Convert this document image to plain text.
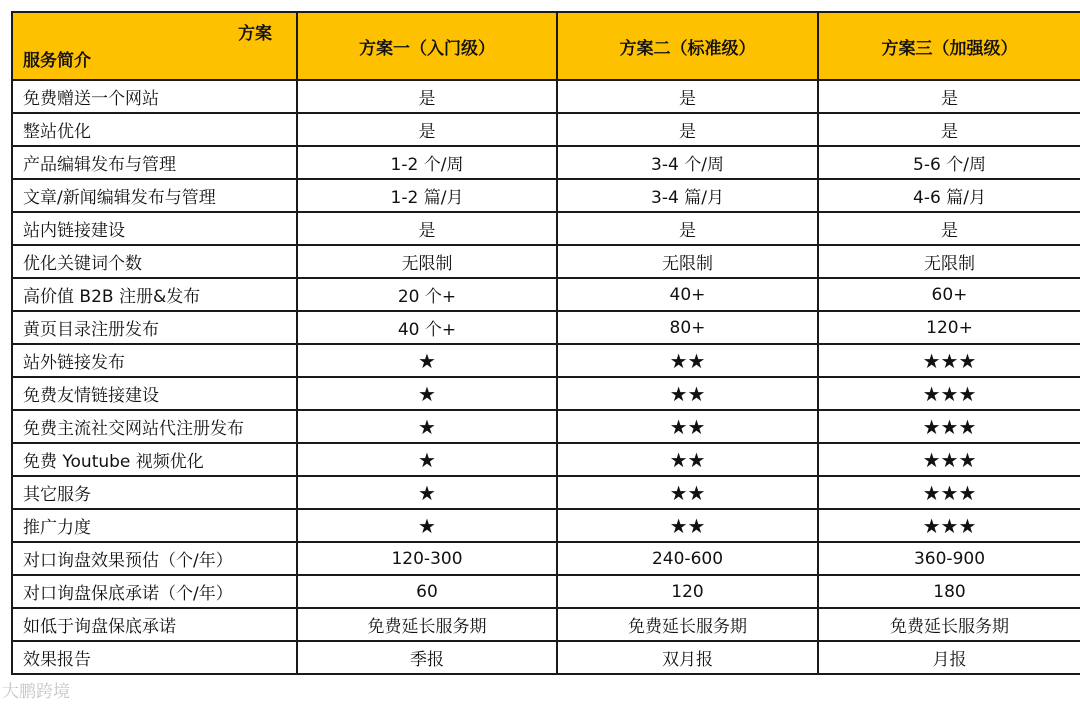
方案
服务简介	方案一（入门级）	方案二（标准级）	方案三（加强级）
免费赠送一个网站	是	是	是
整站优化	是	是	是
产品编辑发布与管理	1-2 个/周	3-4 个/周	5-6 个/周
文章/新闻编辑发布与管理	1-2 篇/月	3-4 篇/月	4-6 篇/月
站内链接建设	是	是	是
优化关键词个数	无限制	无限制	无限制
高价值 B2B 注册&发布	20 个+	40+	60+
黄页目录注册发布	40 个+	80+	120+
站外链接发布	★	★★	★★★
免费友情链接建设	★	★★	★★★
免费主流社交网站代注册发布	★	★★	★★★
免费 Youtube 视频优化	★	★★	★★★
其它服务	★	★★	★★★
推广力度	★	★★	★★★
对口询盘效果预估（个/年）	120-300	240-600	360-900
对口询盘保底承诺（个/年）	60	120	180
如低于询盘保底承诺	免费延长服务期	免费延长服务期	免费延长服务期
效果报告	季报	双月报	月报
大鹏跨境
